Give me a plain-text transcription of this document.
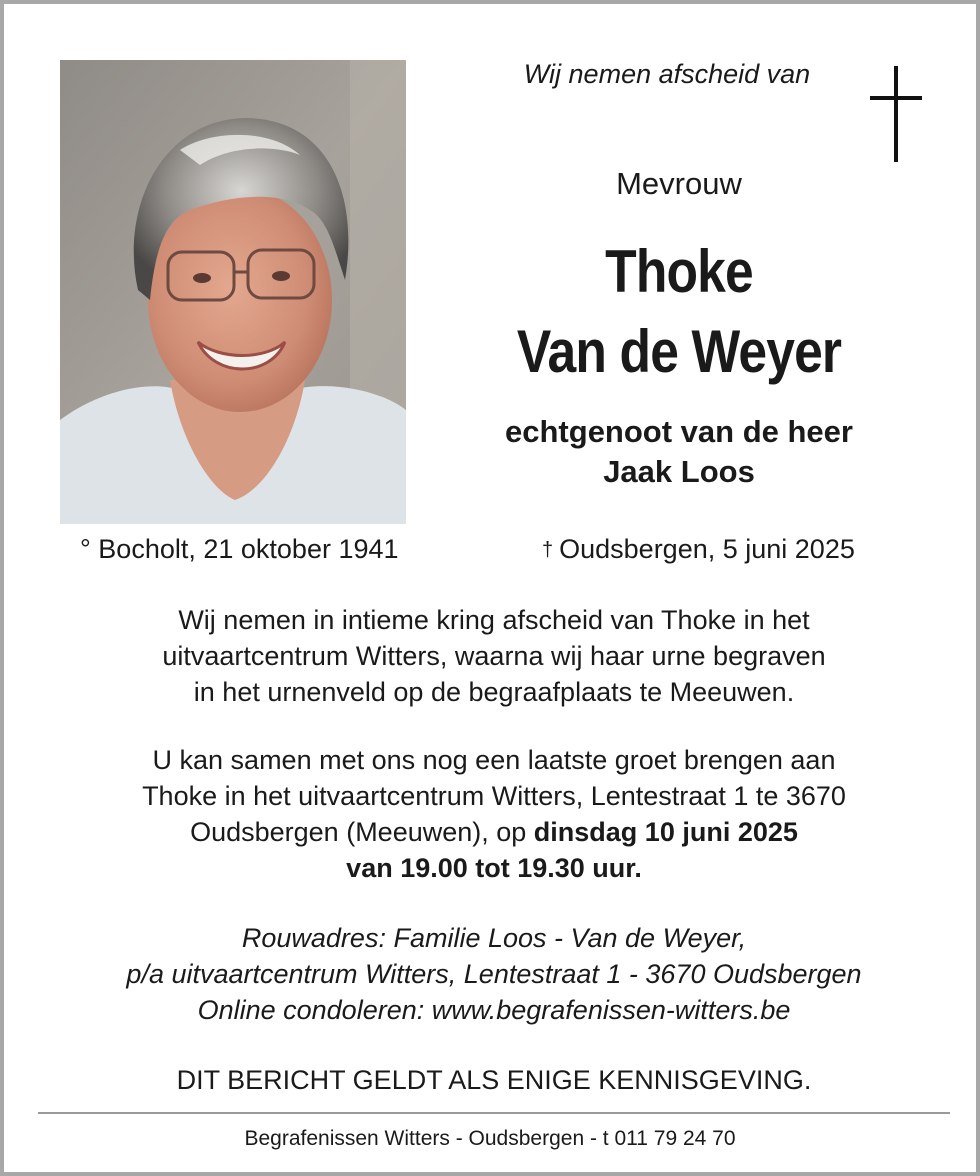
Wij nemen afscheid van
Mevrouw
Thoke
Van de Weyer
echtgenoot van de heer
Jaak Loos
° Bocholt, 21 oktober 1941	† Oudsbergen, 5 juni 2025
Wij nemen in intieme kring afscheid van Thoke in het
uitvaartcentrum Witters, waarna wij haar urne begraven
in het urnenveld op de begraafplaats te Meeuwen.
U kan samen met ons nog een laatste groet brengen aan
Thoke in het uitvaartcentrum Witters, Lentestraat 1 te 3670
Oudsbergen (Meeuwen), op dinsdag 10 juni 2025
van 19.00 tot 19.30 uur.
Rouwadres: Familie Loos - Van de Weyer,
p/a uitvaartcentrum Witters, Lentestraat 1 - 3670 Oudsbergen
Online condoleren: www.begrafenissen-witters.be
DIT BERICHT GELDT ALS ENIGE KENNISGEVING.
Begrafenissen Witters - Oudsbergen - t 011 79 24 70
